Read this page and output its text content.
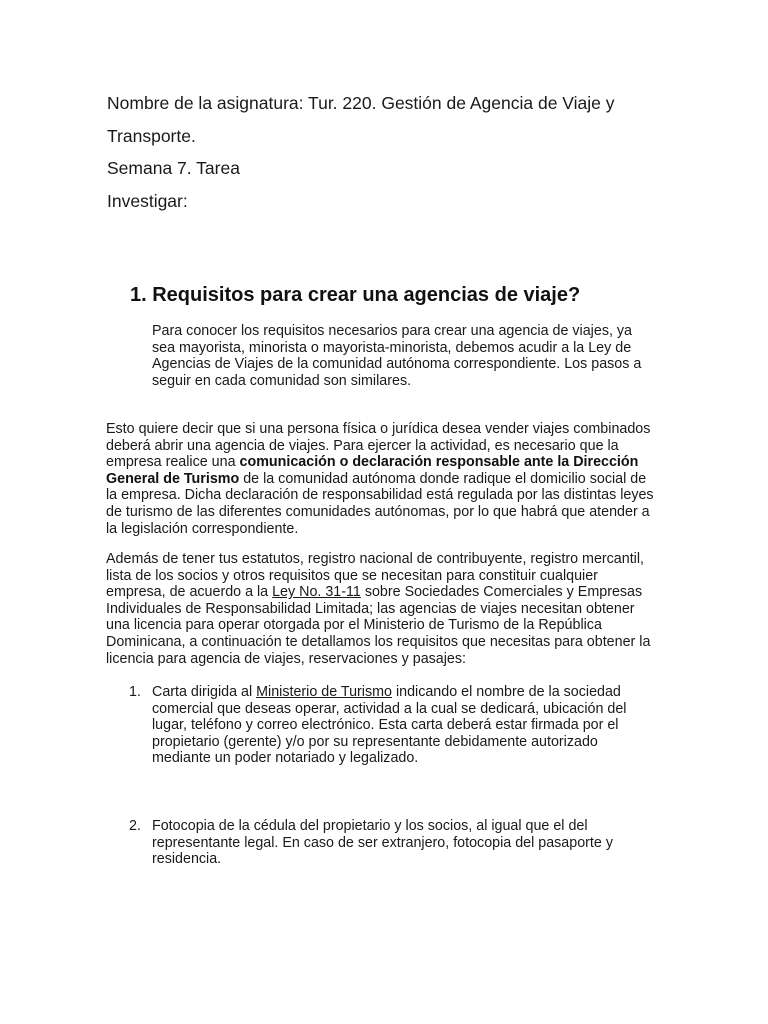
Nombre de la asignatura: Tur. 220. Gestión de Agencia de Viaje y
Transporte.
Semana 7. Tarea
Investigar:
1. Requisitos para crear una agencias de viaje?

Para conocer los requisitos necesarios para crear una agencia de viajes, ya sea mayorista, minorista o mayorista-minorista, debemos acudir a la Ley de Agencias de Viajes de la comunidad autónoma correspondiente. Los pasos a seguir en cada comunidad son similares.

Esto quiere decir que si una persona física o jurídica desea vender viajes combinados deberá abrir una agencia de viajes. Para ejercer la actividad, es necesario que la empresa realice una comunicación o declaración responsable ante la Dirección General de Turismo de la comunidad autónoma donde radique el domicilio social de la empresa. Dicha declaración de responsabilidad está regulada por las distintas leyes de turismo de las diferentes comunidades autónomas, por lo que habrá que atender a la legislación correspondiente.

Además de tener tus estatutos, registro nacional de contribuyente, registro mercantil, lista de los socios y otros requisitos que se necesitan para constituir cualquier empresa, de acuerdo a la Ley No. 31-11 sobre Sociedades Comerciales y Empresas Individuales de Responsabilidad Limitada; las agencias de viajes necesitan obtener una licencia para operar otorgada por el Ministerio de Turismo de la República Dominicana, a continuación te detallamos los requisitos que necesitas para obtener la licencia para agencia de viajes, reservaciones y pasajes:

1. Carta dirigida al Ministerio de Turismo indicando el nombre de la sociedad comercial que deseas operar, actividad a la cual se dedicará, ubicación del lugar, teléfono y correo electrónico. Esta carta deberá estar firmada por el propietario (gerente) y/o por su representante debidamente autorizado mediante un poder notariado y legalizado.

2. Fotocopia de la cédula del propietario y los socios, al igual que el del representante legal. En caso de ser extranjero, fotocopia del pasaporte y residencia.
